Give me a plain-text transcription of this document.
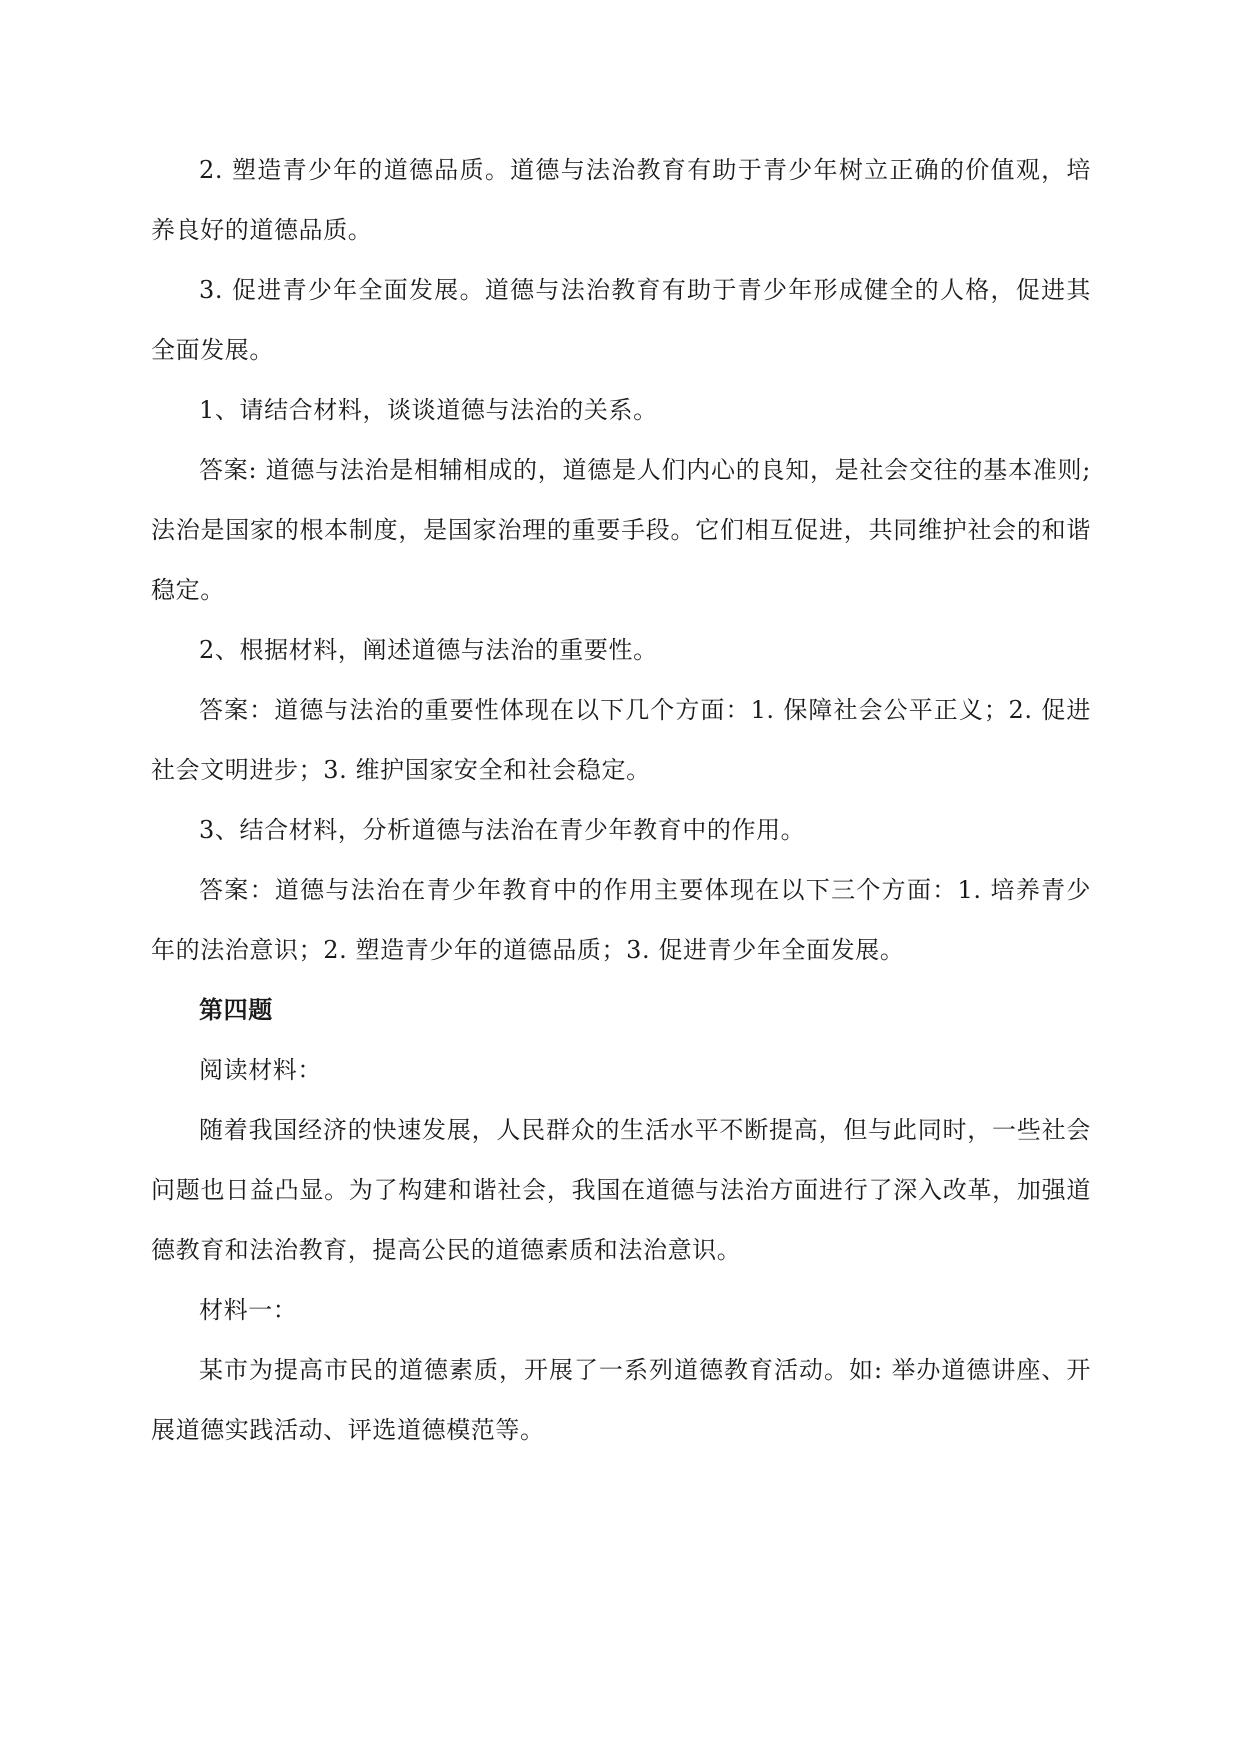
2. 塑造青少年的道德品质。道德与法治教育有助于青少年树立正确的价值观，培养良好的道德品质。

3. 促进青少年全面发展。道德与法治教育有助于青少年形成健全的人格，促进其全面发展。

1、请结合材料，谈谈道德与法治的关系。

答案: 道德与法治是相辅相成的，道德是人们内心的良知，是社会交往的基本准则; 法治是国家的根本制度，是国家治理的重要手段。它们相互促进，共同维护社会的和谐稳定。

2、根据材料，阐述道德与法治的重要性。

答案：道德与法治的重要性体现在以下几个方面：1. 保障社会公平正义；2. 促进社会文明进步；3. 维护国家安全和社会稳定。

3、结合材料，分析道德与法治在青少年教育中的作用。

答案：道德与法治在青少年教育中的作用主要体现在以下三个方面：1. 培养青少年的法治意识；2. 塑造青少年的道德品质；3. 促进青少年全面发展。

第四题

阅读材料：

随着我国经济的快速发展，人民群众的生活水平不断提高，但与此同时，一些社会问题也日益凸显。为了构建和谐社会，我国在道德与法治方面进行了深入改革，加强道德教育和法治教育，提高公民的道德素质和法治意识。

材料一：

某市为提高市民的道德素质，开展了一系列道德教育活动。如: 举办道德讲座、开展道德实践活动、评选道德模范等。
